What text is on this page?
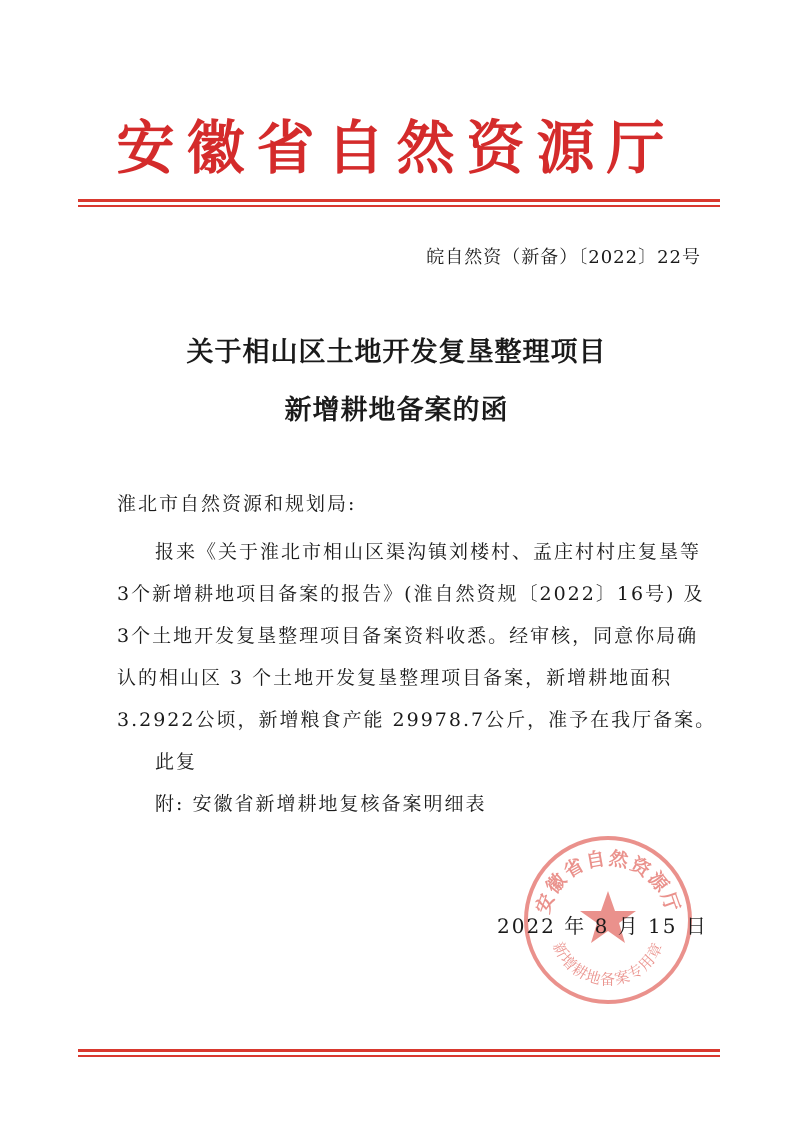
安徽省自然资源厅
皖自然资（新备）〔2022〕22号
关于相山区土地开发复垦整理项目
新增耕地备案的函
淮北市自然资源和规划局:
报来《关于淮北市相山区渠沟镇刘楼村、孟庄村村庄复垦等
3个新增耕地项目备案的报告》(淮自然资规〔2022〕16号) 及
3个土地开发复垦整理项目备案资料收悉。经审核，同意你局确
认的相山区 3 个土地开发复垦整理项目备案，新增耕地面积
3.2922公顷，新增粮食产能 29978.7公斤，准予在我厅备案。
此复
附: 安徽省新增耕地复核备案明细表
安徽省自然资源厅
新增耕地备案专用章
2022 年 8 月 15 日
